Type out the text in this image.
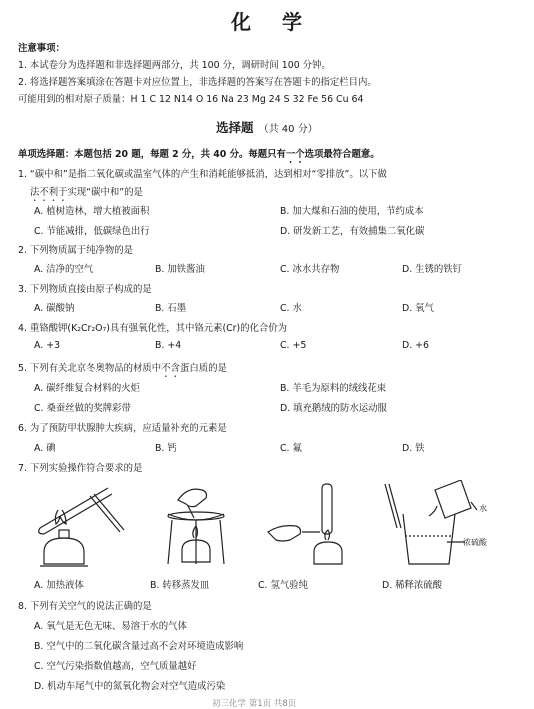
化 学
注意事项：
1. 本试卷分为选择题和非选择题两部分，共 100 分，调研时间 100 分钟。
2. 将选择题答案填涂在答题卡对应位置上，非选择题的答案写在答题卡的指定栏目内。
可能用到的相对原子质量：H 1 C 12 N14 O 16 Na 23 Mg 24 S 32 Fe 56 Cu 64
选择题 （共 40 分）
单项选择题：本题包括 20 题，每题 2 分，共 40 分。每题只有一个选项最符合题意。
1. “碳中和”是指二氧化碳或温室气体的产生和消耗能够抵消，达到相对“零排放”。以下做
法不利于实现“碳中和”的是
A. 植树造林，增大植被面积	B. 加大煤和石油的使用，节约成本
C. 节能减排，低碳绿色出行	D. 研发新工艺，有效捕集二氧化碳
2. 下列物质属于纯净物的是
A. 洁净的空气	B. 加铁酱油	C. 冰水共存物	D. 生锈的铁钉
3. 下列物质直接由原子构成的是
A. 碳酸钠	B. 石墨	C. 水	D. 氧气
4. 重铬酸钾(K₂Cr₂O₇)具有强氧化性，其中铬元素(Cr)的化合价为
A. +3	B. +4	C. +5	D. +6
5. 下列有关北京冬奥物品的材质中不含蛋白质的是
A. 碳纤维复合材料的火炬	B. 羊毛为原料的绒线花束
C. 桑蚕丝做的奖牌彩带	D. 填充鹅绒的防水运动服
6. 为了预防甲状腺肿大疾病，应适量补充的元素是
A. 碘	B. 钙	C. 氟	D. 铁
7. 下列实验操作符合要求的是
水
浓硫酸
A. 加热液体	B. 转移蒸发皿	C. 氢气验纯	D. 稀释浓硫酸
8. 下列有关空气的说法正确的是
A. 氧气是无色无味、易溶于水的气体
B. 空气中的二氧化碳含量过高不会对环境造成影响
C. 空气污染指数值越高，空气质量越好
D. 机动车尾气中的氮氧化物会对空气造成污染
初三化学 第1页 共8页
